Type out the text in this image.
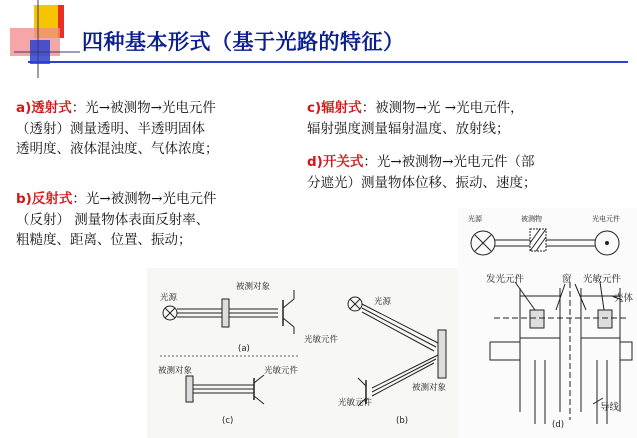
四种基本形式（基于光路的特征）
a)透射式：光→被测物→光电元件
（透射）测量透明、半透明固体
透明度、液体混浊度、气体浓度；
b)反射式：光→被测物→光电元件
（反射） 测量物体表面反射率、
粗糙度、距离、位置、振动；
c)辐射式：被测物→光 →光电元件，
辐射强度测量辐射温度、放射线；
d)开关式：光→被测物→光电元件（部
分遮光）测量物体位移、振动、速度；
光源
被测对象
光敏元件
(a)
被测对象	光敏元件
(c)
光源
被测对象
光敏元件
(b)
光源	被测物	光电元件
发光元件	窗 光敏元件
壳体
导线
(d)
